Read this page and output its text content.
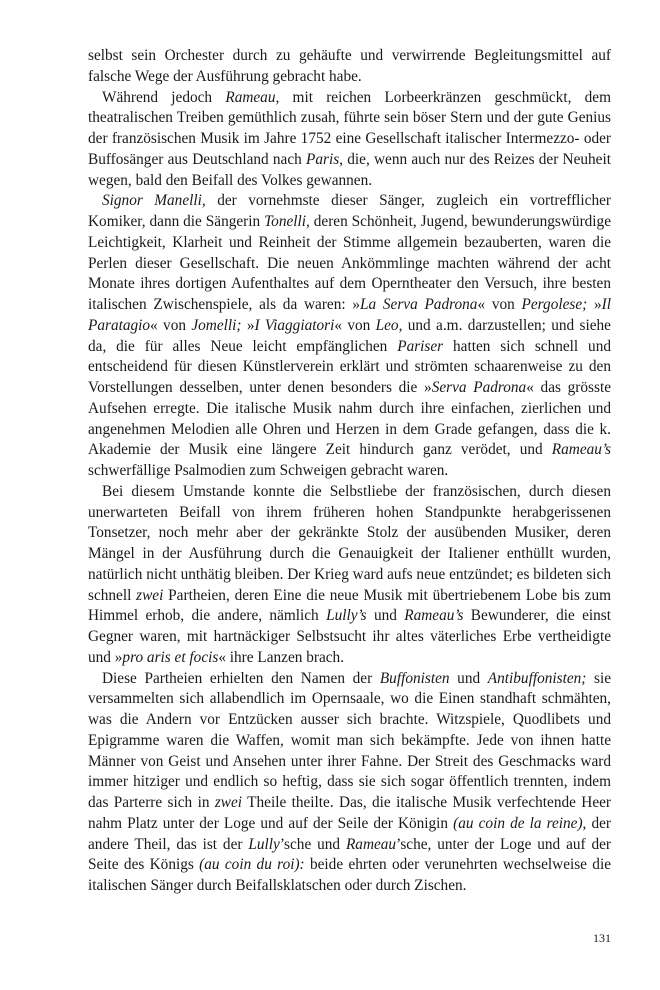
selbst sein Orchester durch zu gehäufte und verwirrende Begleitungsmittel auf falsche Wege der Ausführung gebracht habe.

Während jedoch Rameau, mit reichen Lorbeerkränzen geschmückt, dem theatralischen Treiben gemüthlich zusah, führte sein böser Stern und der gute Genius der französischen Musik im Jahre 1752 eine Gesellschaft italischer Intermezzo- oder Buffosänger aus Deutschland nach Paris, die, wenn auch nur des Reizes der Neuheit wegen, bald den Beifall des Volkes gewannen.

Signor Manelli, der vornehmste dieser Sänger, zugleich ein vortrefflicher Komiker, dann die Sängerin Tonelli, deren Schönheit, Jugend, bewunderungswürdige Leichtigkeit, Klarheit und Reinheit der Stimme allgemein bezauberten, waren die Perlen dieser Gesellschaft. Die neuen Ankömmlinge machten während der acht Monate ihres dortigen Aufenthaltes auf dem Operntheater den Versuch, ihre besten italischen Zwischenspiele, als da waren: »La Serva Padrona« von Pergolese; »Il Paratagio« von Jomelli; »I Viaggiatori« von Leo, und a.m. darzustellen; und siehe da, die für alles Neue leicht empfänglichen Pariser hatten sich schnell und entscheidend für diesen Künstlerverein erklärt und strömten schaarenweise zu den Vorstellungen desselben, unter denen besonders die »Serva Padrona« das grösste Aufsehen erregte. Die italische Musik nahm durch ihre einfachen, zierlichen und angenehmen Melodien alle Ohren und Herzen in dem Grade gefangen, dass die k. Akademie der Musik eine längere Zeit hindurch ganz verödet, und Rameau’s schwerfällige Psalmodien zum Schweigen gebracht waren.

Bei diesem Umstande konnte die Selbstliebe der französischen, durch diesen unerwarteten Beifall von ihrem früheren hohen Standpunkte herabgerissenen Tonsetzer, noch mehr aber der gekränkte Stolz der ausübenden Musiker, deren Mängel in der Ausführung durch die Genauigkeit der Italiener enthüllt wurden, natürlich nicht unthätig bleiben. Der Krieg ward aufs neue entzündet; es bildeten sich schnell zwei Partheien, deren Eine die neue Musik mit übertriebenem Lobe bis zum Himmel erhob, die andere, nämlich Lully’s und Rameau’s Bewunderer, die einst Gegner waren, mit hartnäckiger Selbstsucht ihr altes väterliches Erbe vertheidigte und »pro aris et focis« ihre Lanzen brach.

Diese Partheien erhielten den Namen der Buffonisten und Antibuffonisten; sie versammelten sich allabendlich im Opernsaale, wo die Einen standhaft schmähten, was die Andern vor Entzücken ausser sich brachte. Witzspiele, Quodlibets und Epigramme waren die Waffen, womit man sich bekämpfte. Jede von ihnen hatte Männer von Geist und Ansehen unter ihrer Fahne. Der Streit des Geschmacks ward immer hitziger und endlich so heftig, dass sie sich sogar öffentlich trennten, indem das Parterre sich in zwei Theile theilte. Das, die italische Musik verfechtende Heer nahm Platz unter der Loge und auf der Seile der Königin (au coin de la reine), der andere Theil, das ist der Lully’sche und Rameau’sche, unter der Loge und auf der Seite des Königs (au coin du roi): beide ehrten oder verunehrten wechselweise die italischen Sänger durch Beifallsklatschen oder durch Zischen.

131
